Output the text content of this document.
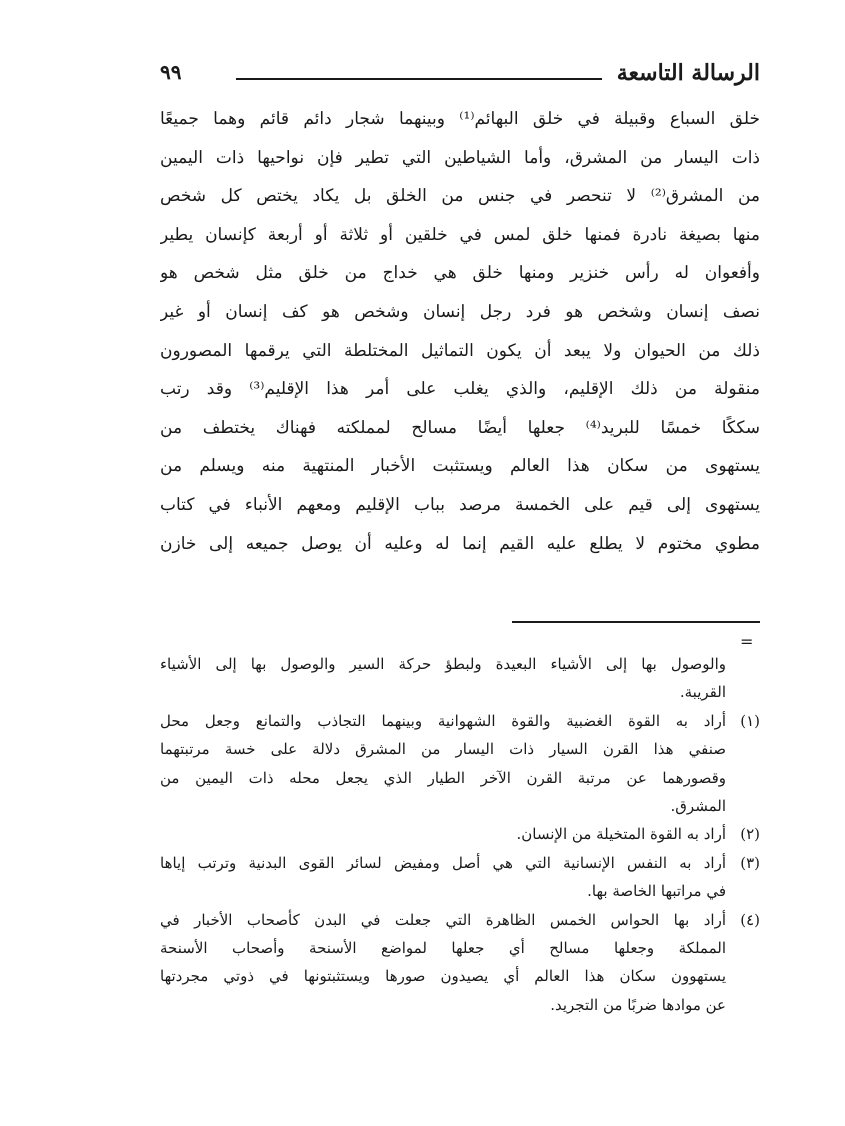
الرسالة التاسعة
٩٩
خلق السباع وقبيلة في خلق البهائم⁽¹⁾ وبينهما شجار دائم قائم وهما جميعًا
ذات اليسار من المشرق، وأما الشياطين التي تطير فإن نواحيها ذات اليمين
من المشرق⁽²⁾ لا تنحصر في جنس من الخلق بل يكاد يختص كل شخص
منها بصيغة نادرة فمنها خلق لمس في خلقين أو ثلاثة أو أربعة كإنسان يطير
وأفعوان له رأس خنزير ومنها خلق هي خداج من خلق مثل شخص هو
نصف إنسان وشخص هو فرد رجل إنسان وشخص هو كف إنسان أو غير
ذلك من الحيوان ولا يبعد أن يكون التماثيل المختلطة التي يرقمها المصورون
منقولة من ذلك الإقليم، والذي يغلب على أمر هذا الإقليم⁽³⁾ وقد رتب
سككًا خمسًا للبريد⁽⁴⁾ جعلها أيضًا مسالح لمملكته فهناك يختطف من
يستهوى من سكان هذا العالم ويستثبت الأخبار المنتهية منه ويسلم من
يستهوى إلى قيم على الخمسة مرصد بباب الإقليم ومعهم الأنباء في كتاب
مطوي مختوم لا يطلع عليه القيم إنما له وعليه أن يوصل جميعه إلى خازن
=
والوصول بها إلى الأشياء البعيدة ولبطؤ حركة السير والوصول بها إلى الأشياء
القريبة.
(١)أراد به القوة الغضبية والقوة الشهوانية وبينهما التجاذب والتمانع وجعل محل
صنفي هذا القرن السيار ذات اليسار من المشرق دلالة على خسة مرتبتهما
وقصورهما عن مرتبة القرن الآخر الطيار الذي يجعل محله ذات اليمين من
المشرق.
(٢)أراد به القوة المتخيلة من الإنسان.
(٣)أراد به النفس الإنسانية التي هي أصل ومفيض لسائر القوى البدنية وترتب إياها
في مراتبها الخاصة بها.
(٤)أراد بها الحواس الخمس الظاهرة التي جعلت في البدن كأصحاب الأخبار في
المملكة وجعلها مسالح أي جعلها لمواضع الأسنحة وأصحاب الأسنحة
يستهوون سكان هذا العالم أي يصيدون صورها ويستثبتونها في ذوتي مجردتها
عن موادها ضربًا من التجريد.
